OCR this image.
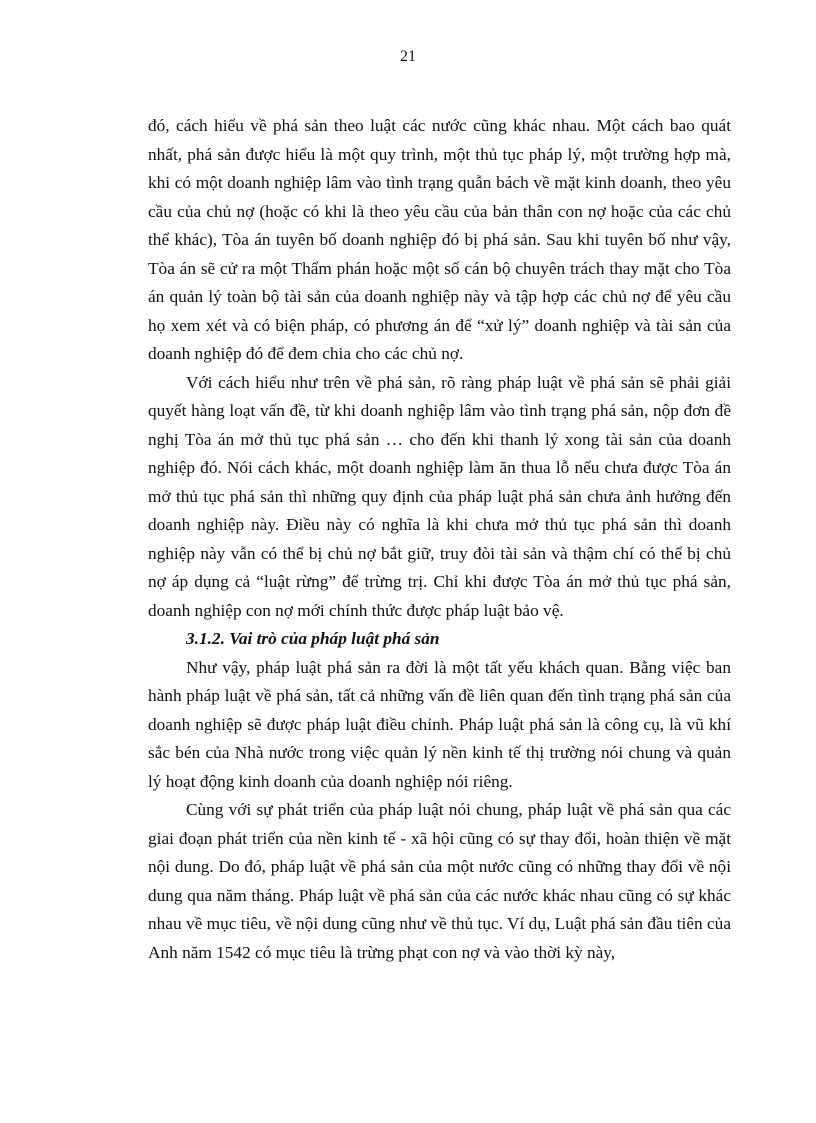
21

đó, cách hiểu về phá sản theo luật các nước cũng khác nhau. Một cách bao quát nhất, phá sản được hiểu là một quy trình, một thủ tục pháp lý, một trường hợp mà, khi có một doanh nghiệp lâm vào tình trạng quẫn bách về mặt kinh doanh, theo yêu cầu của chủ nợ (hoặc có khi là theo yêu cầu của bản thân con nợ hoặc của các chủ thể khác), Tòa án tuyên bố doanh nghiệp đó bị phá sản. Sau khi tuyên bố như vậy, Tòa án sẽ cử ra một Thẩm phán hoặc một số cán bộ chuyên trách thay mặt cho Tòa án quản lý toàn bộ tài sản của doanh nghiệp này và tập hợp các chủ nợ để yêu cầu họ xem xét và có biện pháp, có phương án để “xử lý” doanh nghiệp và tài sản của doanh nghiệp đó để đem chia cho các chủ nợ.

Với cách hiểu như trên về phá sản, rõ ràng pháp luật về phá sản sẽ phải giải quyết hàng loạt vấn đề, từ khi doanh nghiệp lâm vào tình trạng phá sản, nộp đơn đề nghị Tòa án mở thủ tục phá sản … cho đến khi thanh lý xong tài sản của doanh nghiệp đó. Nói cách khác, một doanh nghiệp làm ăn thua lỗ nếu chưa được Tòa án mở thủ tục phá sản thì những quy định của pháp luật phá sản chưa ảnh hưởng đến doanh nghiệp này. Điều này có nghĩa là khi chưa mở thủ tục phá sản thì doanh nghiệp này vẫn có thể bị chủ nợ bắt giữ, truy đòi tài sản và thậm chí có thể bị chủ nợ áp dụng cả “luật rừng” để trừng trị. Chỉ khi được Tòa án mở thủ tục phá sản, doanh nghiệp con nợ mới chính thức được pháp luật bảo vệ.

3.1.2. Vai trò của pháp luật phá sản

Như vậy, pháp luật phá sản ra đời là một tất yếu khách quan. Bằng việc ban hành pháp luật về phá sản, tất cả những vấn đề liên quan đến tình trạng phá sản của doanh nghiệp sẽ được pháp luật điều chỉnh. Pháp luật phá sản là công cụ, là vũ khí sắc bén của Nhà nước trong việc quản lý nền kinh tế thị trường nói chung và quản lý hoạt động kinh doanh của doanh nghiệp nói riêng.

Cùng với sự phát triển của pháp luật nói chung, pháp luật về phá sản qua các giai đoạn phát triển của nền kinh tế - xã hội cũng có sự thay đổi, hoàn thiện về mặt nội dung. Do đó, pháp luật về phá sản của một nước cũng có những thay đổi về nội dung qua năm tháng. Pháp luật về phá sản của các nước khác nhau cũng có sự khác nhau về mục tiêu, về nội dung cũng như về thủ tục. Ví dụ, Luật phá sản đầu tiên của Anh năm 1542 có mục tiêu là trừng phạt con nợ và vào thời kỳ này,
